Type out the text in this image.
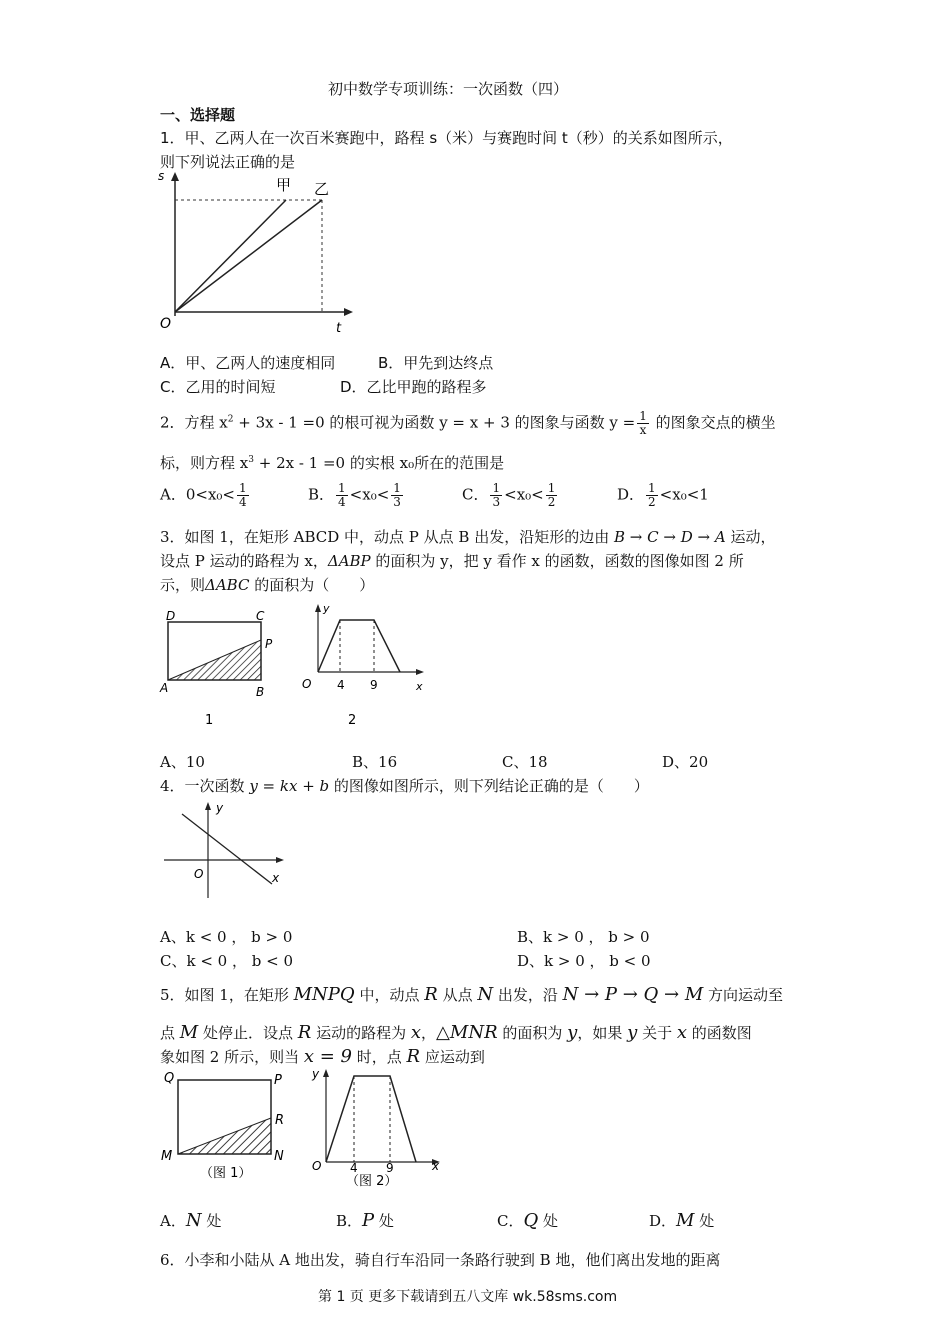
初中数学专项训练：一次函数（四）
一、选择题
1．甲、乙两人在一次百米赛跑中，路程 s（米）与赛跑时间 t（秒）的关系如图所示，
则下列说法正确的是
s
t
O
甲 乙
A．甲、乙两人的速度相同	B．甲先到达终点
C．乙用的时间短	D．乙比甲跑的路程多
2．方程 $x^2 + 3x - 1 =0$ 的根可视为函数 y = x + 3 的图象与函数 $y = \frac{1}{x}$ 的图象交点的横坐
标，则方程 $x^3 + 2x - 1 =0$ 的实根 x₀所在的范围是
A．$0<x_0< \frac{1}{4}$	B． $\frac{1}{4} <x_0< \frac{1}{3}$	C． $\frac{1}{3} <x_0< \frac{1}{2}$	D． $\frac{1}{2} <x_0<1$
3．如图 1，在矩形 ABCD 中，动点 P 从点 B 出发，沿矩形的边由 B → C → D → A 运动，
设点 P 运动的路程为 x，ΔABP 的面积为 y，把 y 看作 x 的函数，函数的图像如图 2 所
示，则ΔABC 的面积为（　　）
A	B
C
D
P
1
y
O 4 9	x
2
A、10	B、16	C、18	D、20
4．一次函数 y = kx + b 的图像如图所示，则下列结论正确的是（　　）
y
x
O
A、k < 0 ， b > 0	B、k > 0 ， b > 0
C、k < 0 ， b < 0	D、k > 0 ， b < 0
5．如图 1，在矩形 MNPQ 中，动点 R 从点 N 出发，沿 N → P → Q → M 方向运动至
点 M 处停止．设点 R 运动的路程为 x，△MNR 的面积为 y，如果 y 关于 x 的函数图
象如图 2 所示，则当 x = 9 时，点 R 应运动到
Q	P
R
M	N
（图 1）
y
O 4 9	x
（图 2）
A．N 处	B．P 处	C．Q 处	D．M 处
6．小李和小陆从 A 地出发，骑自行车沿同一条路行驶到 B 地，他们离出发地的距离
第 1 页 更多下载请到五八文库 wk.58sms.com
